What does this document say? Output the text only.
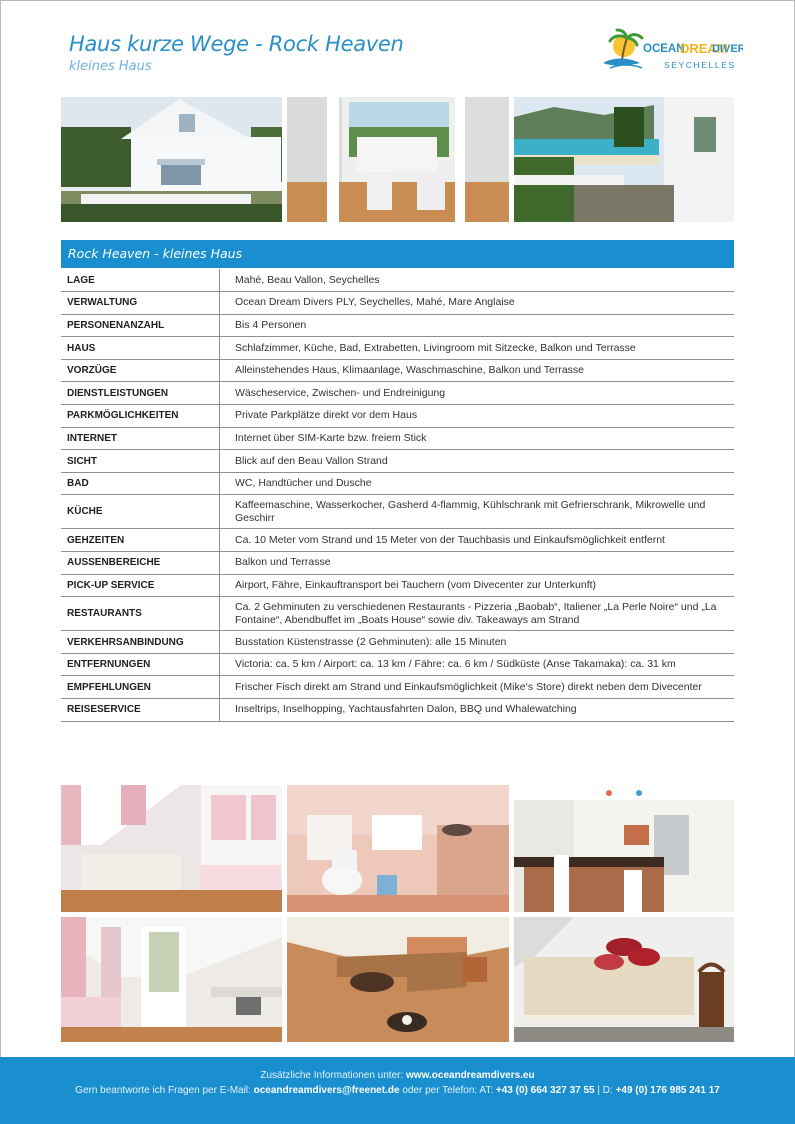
Haus kurze Wege - Rock Heaven
kleines Haus
OCEAN
DREAM
DIVER
SEYCHELLES
Rock Heaven - kleines Haus
LAGE	Mahé, Beau Vallon, Seychelles
VERWALTUNG	Ocean Dream Divers PLY, Seychelles, Mahé, Mare Anglaise
PERSONENANZAHL	Bis 4 Personen
HAUS	Schlafzimmer, Küche, Bad, Extrabetten, Livingroom mit Sitzecke, Balkon und Terrasse
VORZÜGE	Alleinstehendes Haus, Klimaanlage, Waschmaschine, Balkon und Terrasse
DIENSTLEISTUNGEN	Wäscheservice, Zwischen- und Endreinigung
PARKMÖGLICHKEITEN	Private Parkplätze direkt vor dem Haus
INTERNET	Internet über SIM-Karte bzw. freiem Stick
SICHT	Blick auf den Beau Vallon Strand
BAD	WC, Handtücher und Dusche
KÜCHE	Kaffeemaschine, Wasserkocher, Gasherd 4-flammig, Kühlschrank mit Gefrierschrank, Mikrowelle und Geschirr
GEHZEITEN	Ca. 10 Meter vom Strand und 15 Meter von der Tauchbasis und Einkaufsmöglichkeit entfernt
AUSSENBEREICHE	Balkon und Terrasse
PICK-UP SERVICE	Airport, Fähre, Einkauftransport bei Tauchern (vom Divecenter zur Unterkunft)
RESTAURANTS	Ca. 2 Gehminuten zu verschiedenen Restaurants - Pizzeria „Baobab“, Italiener „La Perle Noire“ und „La Fontaine“, Abendbuffet im „Boats House“ sowie div. Takeaways am Strand
VERKEHRSANBINDUNG	Busstation Küstenstrasse (2 Gehminuten): alle 15 Minuten
ENTFERNUNGEN	Victoria: ca. 5 km / Airport: ca. 13 km / Fähre: ca. 6 km / Südküste (Anse Takamaka): ca. 31 km
EMPFEHLUNGEN	Frischer Fisch direkt am Strand und Einkaufsmöglichkeit (Mike‘s Store) direkt neben dem Divecenter
REISESERVICE	Inseltrips, Inselhopping, Yachtausfahrten Dalon, BBQ und Whalewatching
Zusätzliche Informationen unter: www.oceandreamdivers.eu
Gern beantworte ich Fragen per E-Mail: oceandreamdivers@freenet.de oder per Telefon: AT: +43 (0) 664 327 37 55 | D: +49 (0) 176 985 241 17
